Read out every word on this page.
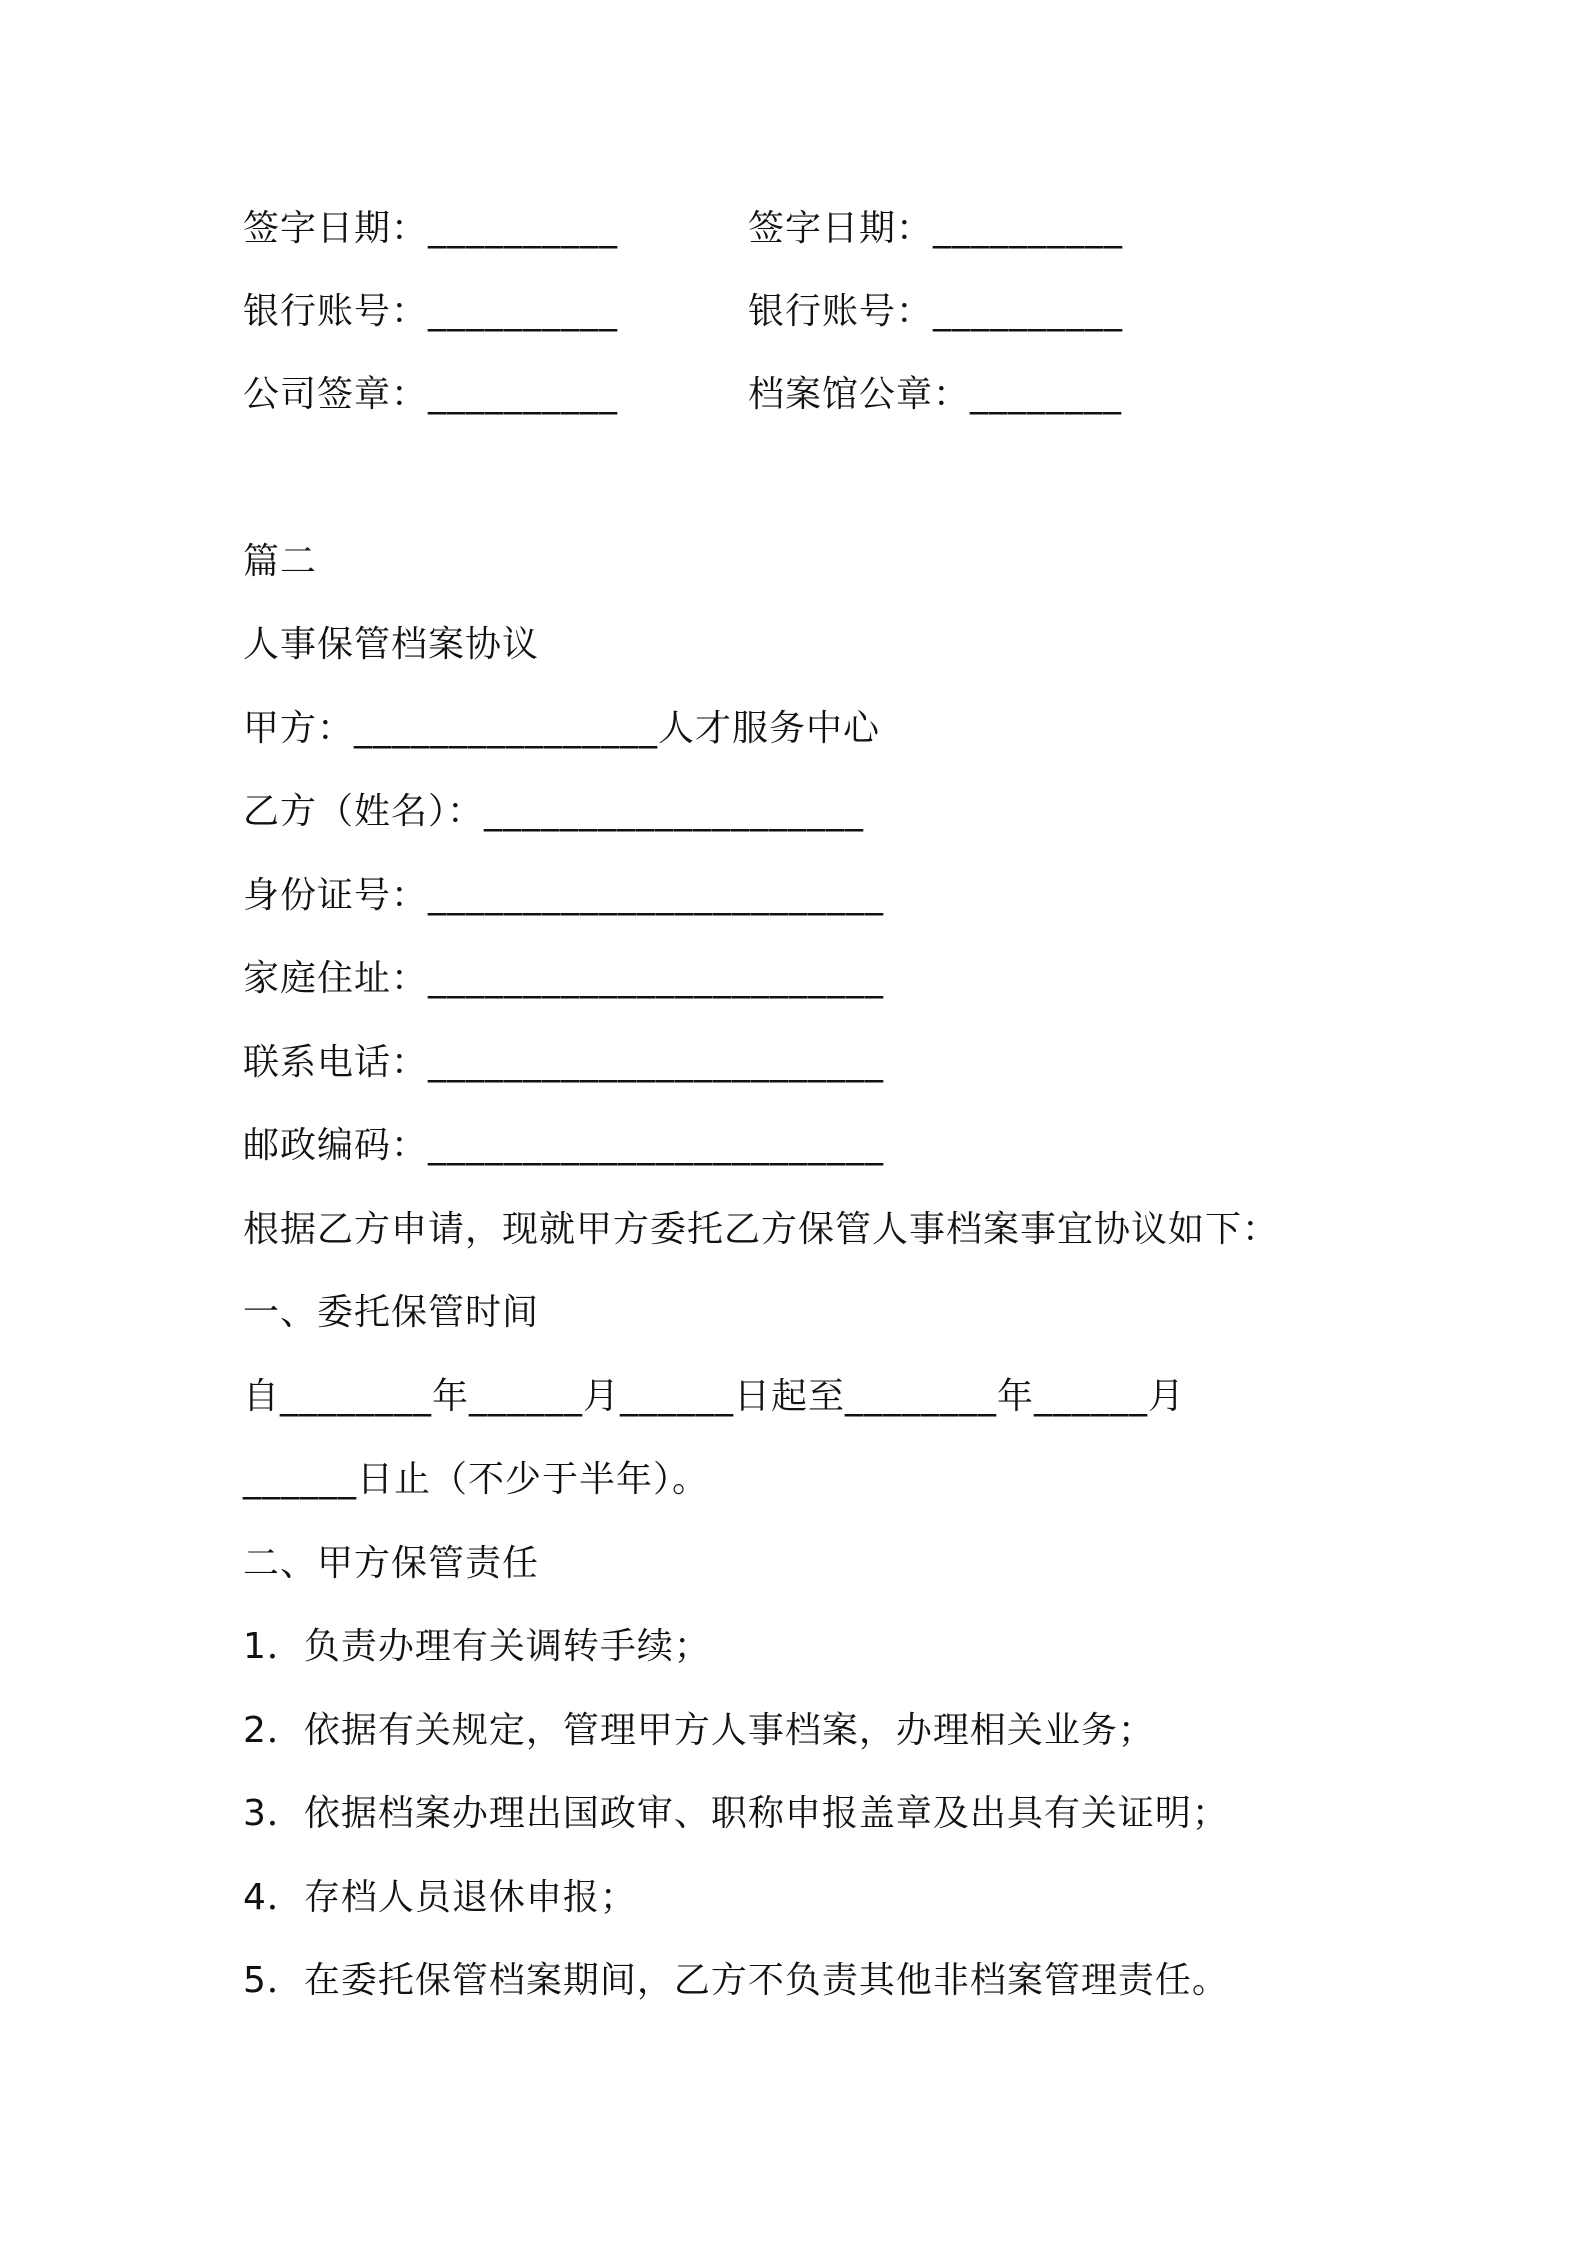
签字日期：__________	签字日期：__________
银行账号：__________	银行账号：__________
公司签章：__________	档案馆公章：________
篇二
人事保管档案协议
甲方：________________人才服务中心
乙方（姓名）：____________________
身份证号：________________________
家庭住址：________________________
联系电话：________________________
邮政编码：________________________
根据乙方申请，现就甲方委托乙方保管人事档案事宜协议如下：
一、委托保管时间
自________年______月______日起至________年______月
______日止（不少于半年）。
二、甲方保管责任
1．负责办理有关调转手续；
2．依据有关规定，管理甲方人事档案，办理相关业务；
3．依据档案办理出国政审、职称申报盖章及出具有关证明；
4．存档人员退休申报；
5．在委托保管档案期间，乙方不负责其他非档案管理责任。
